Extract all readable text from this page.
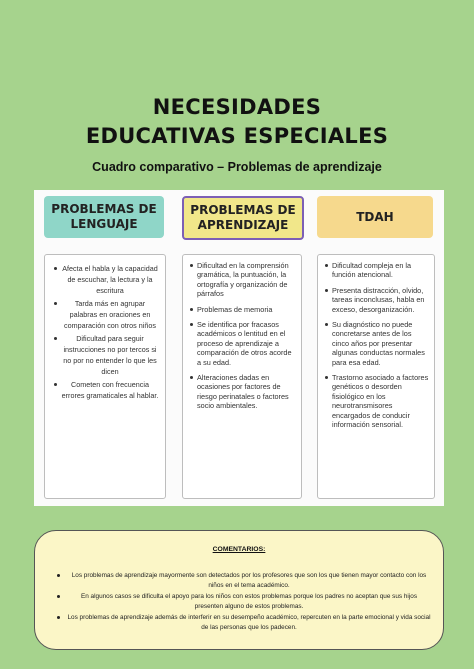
NECESIDADES
EDUCATIVAS ESPECIALES
Cuadro comparativo – Problemas de aprendizaje
PROBLEMAS DE LENGUAJE
PROBLEMAS DE APRENDIZAJE
TDAH
Afecta el habla y la capacidad de escuchar, la lectura y la escritura
Tarda más en agrupar palabras en oraciones en comparación con otros niños
Dificultad para seguir instrucciones no por tercos si no por no entender lo que les dicen
Cometen con frecuencia errores gramaticales al hablar.
Dificultad en la comprensión gramática, la puntuación, la ortografía y organización de párrafos
Problemas de memoria
Se identifica por fracasos académicos o lentitud en el proceso de aprendizaje a comparación de otros acorde a su edad.
Alteraciones dadas en ocasiones por factores de riesgo perinatales o factores socio ambientales.
Dificultad compleja en la función atencional.
Presenta distracción, olvido, tareas inconclusas, habla en exceso, desorganización.
Su diagnóstico no puede concretarse antes de los cinco años por presentar algunas conductas normales para esa edad.
Trastorno asociado a factores genéticos o desorden fisiológico en los neurotransmisores encargados de conducir información sensorial.
COMENTARIOS:
Los problemas de aprendizaje mayormente son detectados por los profesores que son los que tienen mayor contacto con los niños en el tema académico.
En algunos casos se dificulta el apoyo para los niños con estos problemas porque los padres no aceptan que sus hijos presenten alguno de estos problemas.
Los problemas de aprendizaje además de interferir en su desempeño académico, repercuten en la parte emocional y vida social de las personas que los padecen.
